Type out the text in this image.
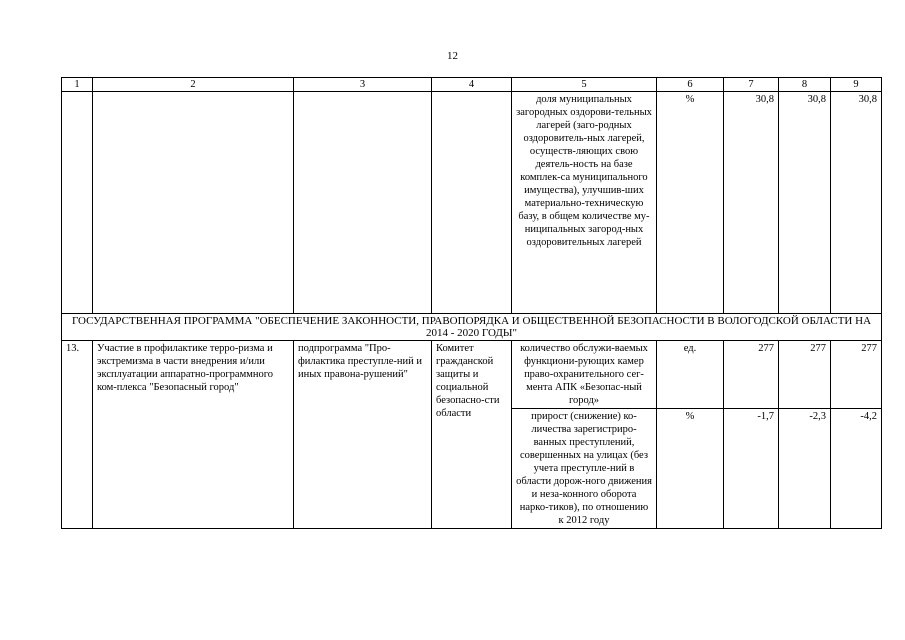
12
1	2	3	4	5	6	7	8	9
				доля муниципальных загородных оздорови-тельных лагерей (заго-родных оздоровитель-ных лагерей, осуществ-ляющих свою деятель-ность на базе комплек-са муниципального имущества), улучшив-ших материально-техническую базу, в общем количестве му-ниципальных загород-ных оздоровительных лагерей	%	30,8	30,8	30,8
ГОСУДАРСТВЕННАЯ ПРОГРАММА "ОБЕСПЕЧЕНИЕ ЗАКОННОСТИ, ПРАВОПОРЯДКА И ОБЩЕСТВЕННОЙ БЕЗОПАСНОСТИ В ВОЛОГОДСКОЙ ОБЛАСТИ НА 2014 - 2020 ГОДЫ"								
13.	Участие в профилактике терро-ризма и экстремизма в части внедрения и/или эксплуатации аппаратно-программного ком-плекса "Безопасный город"	подпрограмма "Про-филактика преступле-ний и иных правона-рушений"	Комитет гражданской защиты и социальной безопасно-сти области	количество обслужи-ваемых функциони-рующих камер право-охранительного сег-мента АПК «Безопас-ный город»	ед.	277	277	277
				прирост (снижение) ко-личества зарегистриро-ванных преступлений, совершенных на улицах (без учета преступле-ний в области дорож-ного движения и неза-конного оборота нарко-тиков), по отношению к 2012 году	%	-1,7	-2,3	-4,2
